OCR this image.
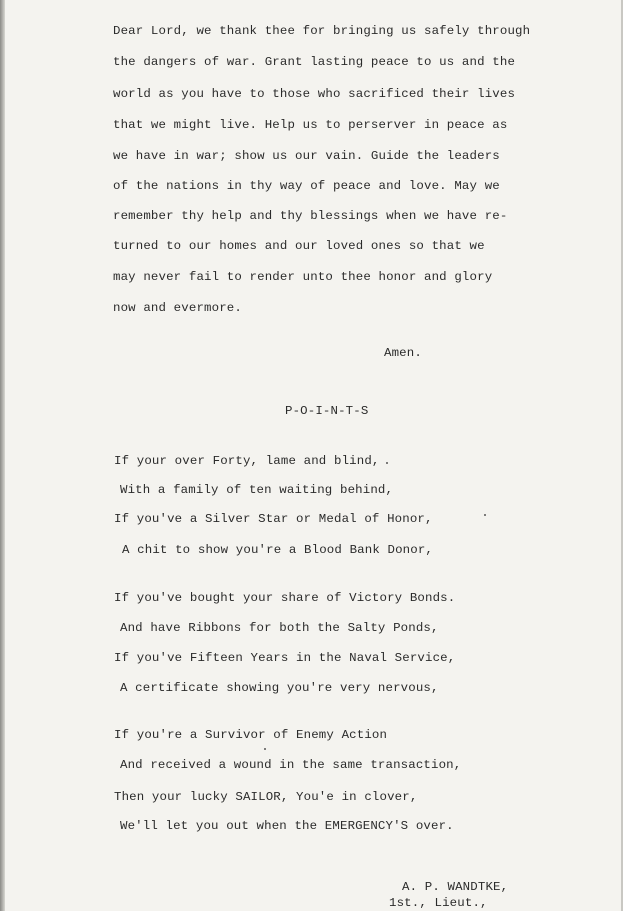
Dear Lord, we thank thee for bringing us safely through
the dangers of war. Grant lasting peace to us and the
world as you have to those who sacrificed their lives
that we might live. Help us to perserver in peace as
we have in war; show us our vain. Guide the leaders
of the nations in thy way of peace and love. May we
remember thy help and thy blessings when we have re-
turned to our homes and our loved ones so that we
may never fail to render unto thee honor and glory
now and evermore.
Amen.
P-O-I-N-T-S
If your over Forty, lame and blind,
With a family of ten waiting behind,
If you've a Silver Star or Medal of Honor,
A chit to show you're a Blood Bank Donor,
If you've bought your share of Victory Bonds.
And have Ribbons for both the Salty Ponds,
If you've Fifteen Years in the Naval Service,
A certificate showing you're very nervous,
If you're a Survivor of Enemy Action
And received a wound in the same transaction,
Then your lucky SAILOR, You'e in clover,
We'll let you out when the EMERGENCY'S over.
A. P. WANDTKE,
1st., Lieut.,
